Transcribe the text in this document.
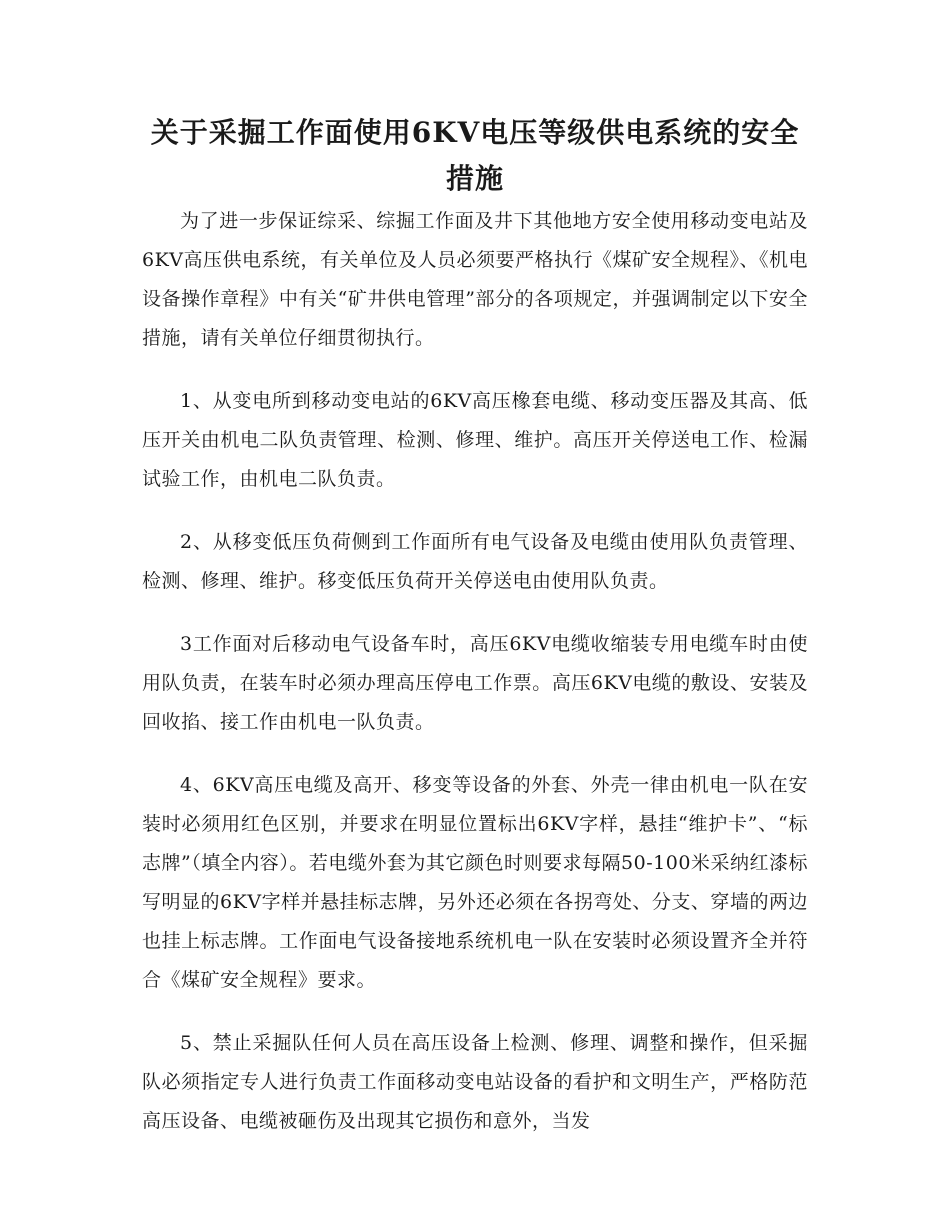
关于采掘工作面使用6KV电压等级供电系统的安全措施

为了进一步保证综采、综掘工作面及井下其他地方安全使用移动变电站及6KV高压供电系统，有关单位及人员必须要严格执行《煤矿安全规程》、《机电设备操作章程》中有关“矿井供电管理”部分的各项规定，并强调制定以下安全措施，请有关单位仔细贯彻执行。

1、从变电所到移动变电站的6KV高压橡套电缆、移动变压器及其高、低压开关由机电二队负责管理、检测、修理、维护。高压开关停送电工作、检漏试验工作，由机电二队负责。

2、从移变低压负荷侧到工作面所有电气设备及电缆由使用队负责管理、检测、修理、维护。移变低压负荷开关停送电由使用队负责。

3工作面对后移动电气设备车时，高压6KV电缆收缩装专用电缆车时由使用队负责，在装车时必须办理高压停电工作票。高压6KV电缆的敷设、安装及回收掐、接工作由机电一队负责。

4、6KV高压电缆及高开、移变等设备的外套、外壳一律由机电一队在安装时必须用红色区别，并要求在明显位置标出6KV字样，悬挂“维护卡”、“标志牌”（填全内容）。若电缆外套为其它颜色时则要求每隔50-100米采纳红漆标写明显的6KV字样并悬挂标志牌，另外还必须在各拐弯处、分支、穿墙的两边也挂上标志牌。工作面电气设备接地系统机电一队在安装时必须设置齐全并符合《煤矿安全规程》要求。

5、禁止采掘队任何人员在高压设备上检测、修理、调整和操作，但采掘队必须指定专人进行负责工作面移动变电站设备的看护和文明生产，严格防范高压设备、电缆被砸伤及出现其它损伤和意外，当发
